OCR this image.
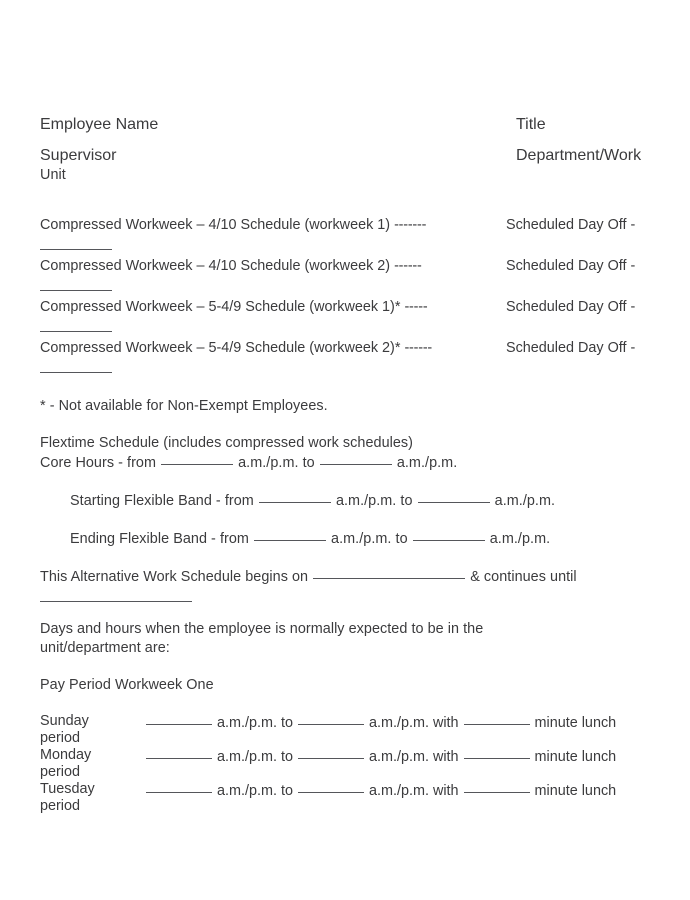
Employee Name	Title
Supervisor	Department/Work
Unit
Compressed Workweek – 4/10 Schedule (workweek 1) -------	Scheduled Day Off -
Compressed Workweek – 4/10 Schedule (workweek 2) ------	Scheduled Day Off -
Compressed Workweek – 5-4/9 Schedule (workweek 1)* -----	Scheduled Day Off -
Compressed Workweek – 5-4/9 Schedule (workweek 2)* ------	Scheduled Day Off -
* - Not available for Non-Exempt Employees.
Flextime Schedule (includes compressed work schedules)
Core Hours - from	a.m./p.m. to	a.m./p.m.
Starting Flexible Band - from	a.m./p.m. to	a.m./p.m.
Ending Flexible Band - from	a.m./p.m. to	a.m./p.m.
This Alternative Work Schedule begins on	& continues until
Days and hours when the employee is normally expected to be in the
unit/department are:
Pay Period Workweek One
Sunday	a.m./p.m. to	a.m./p.m. with	minute lunch
period
Monday	a.m./p.m. to	a.m./p.m. with	minute lunch
period
Tuesday	a.m./p.m. to	a.m./p.m. with	minute lunch
period
